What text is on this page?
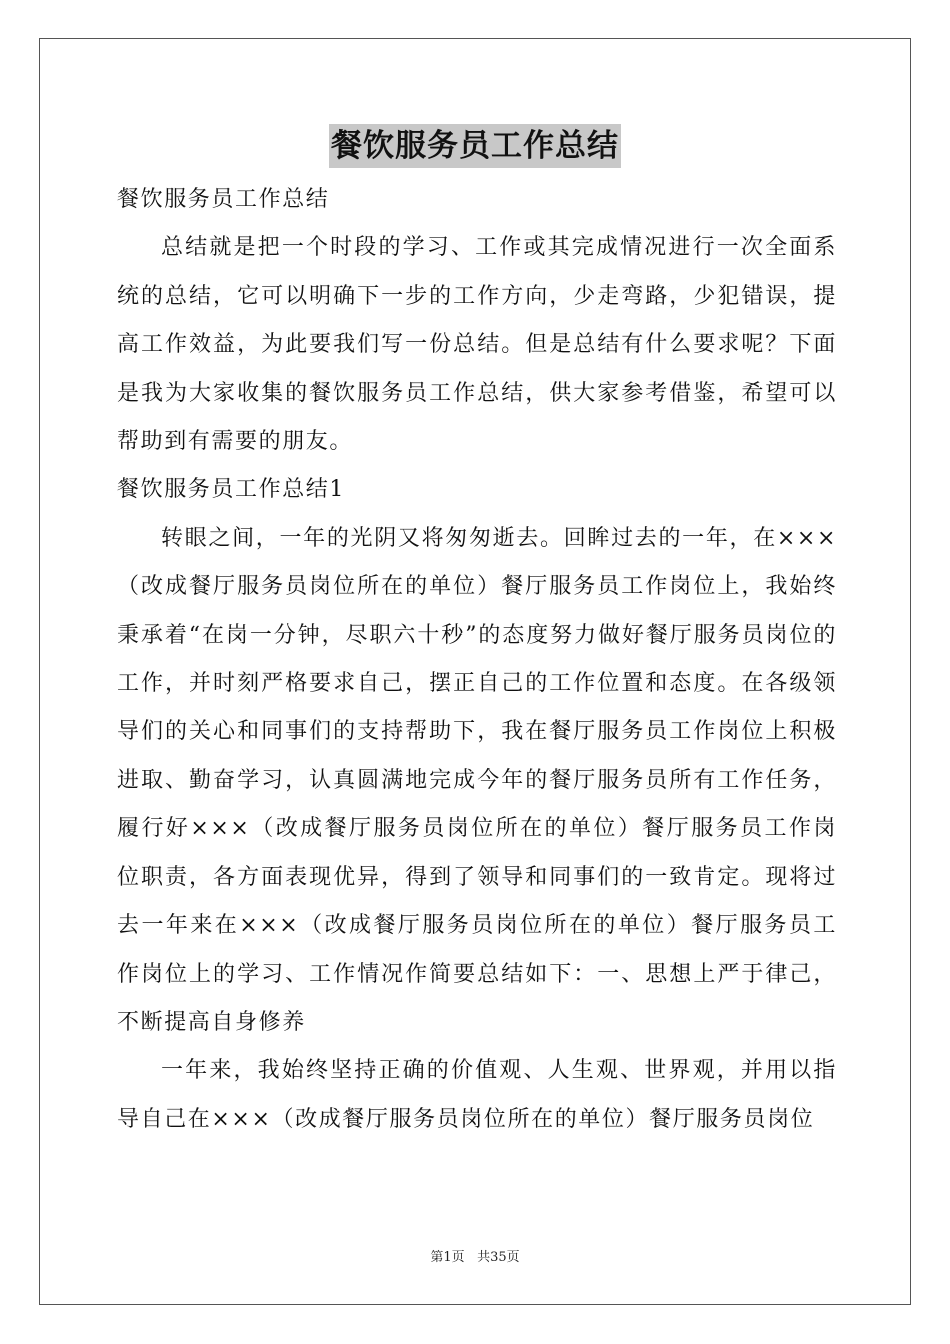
餐饮服务员工作总结

餐饮服务员工作总结

总结就是把一个时段的学习、工作或其完成情况进行一次全面系统的总结，它可以明确下一步的工作方向，少走弯路，少犯错误，提高工作效益，为此要我们写一份总结。但是总结有什么要求呢？下面是我为大家收集的餐饮服务员工作总结，供大家参考借鉴，希望可以帮助到有需要的朋友。

餐饮服务员工作总结1

转眼之间，一年的光阴又将匆匆逝去。回眸过去的一年，在×××（改成餐厅服务员岗位所在的单位）餐厅服务员工作岗位上，我始终秉承着“在岗一分钟，尽职六十秒”的态度努力做好餐厅服务员岗位的工作，并时刻严格要求自己，摆正自己的工作位置和态度。在各级领导们的关心和同事们的支持帮助下，我在餐厅服务员工作岗位上积极进取、勤奋学习，认真圆满地完成今年的餐厅服务员所有工作任务，履行好×××（改成餐厅服务员岗位所在的单位）餐厅服务员工作岗位职责，各方面表现优异，得到了领导和同事们的一致肯定。现将过去一年来在×××（改成餐厅服务员岗位所在的单位）餐厅服务员工作岗位上的学习、工作情况作简要总结如下：一、思想上严于律己，不断提高自身修养

一年来，我始终坚持正确的价值观、人生观、世界观，并用以指导自己在×××（改成餐厅服务员岗位所在的单位）餐厅服务员岗位

第1页 共35页
